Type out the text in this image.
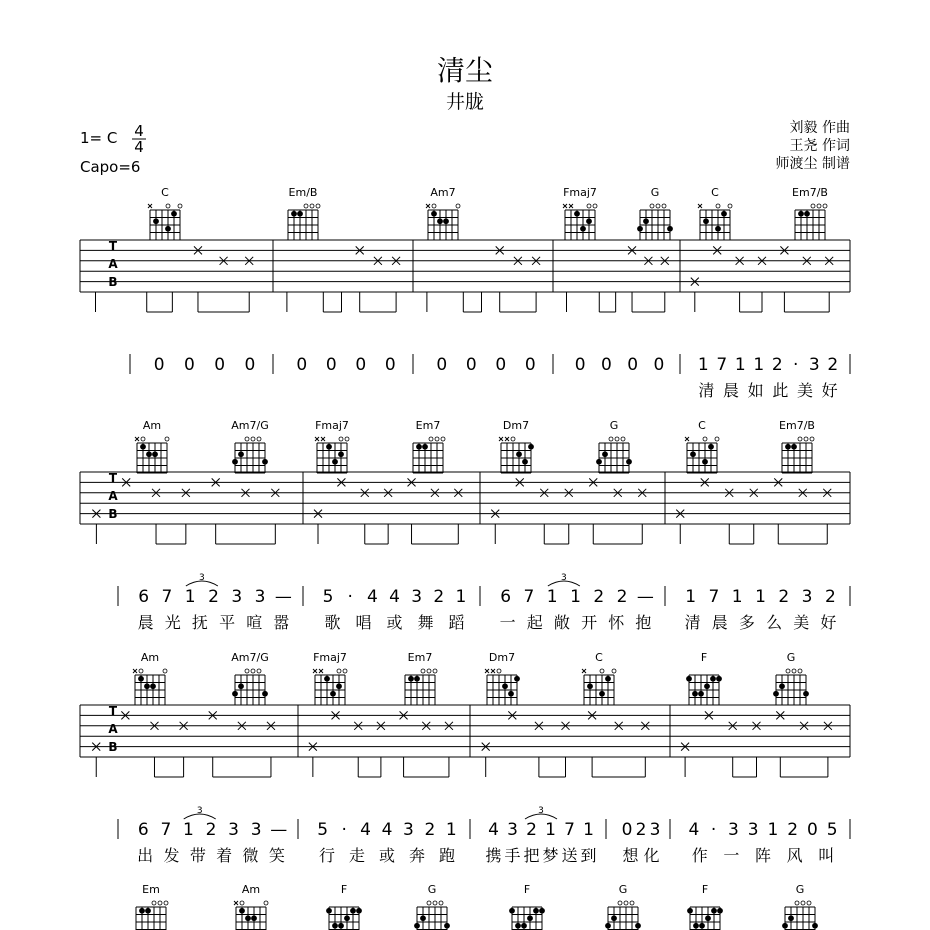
清尘
井胧
1= C 4
4
Capo=6
刘毅 作曲
王尧 作词
师渡尘 制谱
C	Em/B	Am7	Fmaj7	G	C	Em7/B
Am	Am7/G	Fmaj7	Em7	Dm7	G	C	Em7/B
Am	Am7/G	Fmaj7	Em7	Dm7	C	F	G
Em	Am	F	G	F	G	F	G
T
A
B
T
A
B
T
A
B
0 0 0 0 0 0 0 0 0 0 0 0 0 0 0 0 1 7 1 1 2 · 3 2
清 晨 如 此 美 好
6 7 1 2 3 3 —
3
晨 光 抚 平 喧 嚣
5 · 4 4 3 2 1
歌 唱 或 舞 蹈
6 7 1 1 2 2 —
3
一 起 敞 开 怀 抱
1 7 1 1 2 3 2
清 晨 多 么 美 好
6 7 1 2 3 3 —
3
出 发 带 着 微 笑
5 · 4 4 3 2 1
行 走 或 奔 跑
4 3 2 1 7 1
3
携 手 把 梦 送 到
0 2 3
想 化
4 · 3 3 1 2 0 5
作 一 阵 风 叫
